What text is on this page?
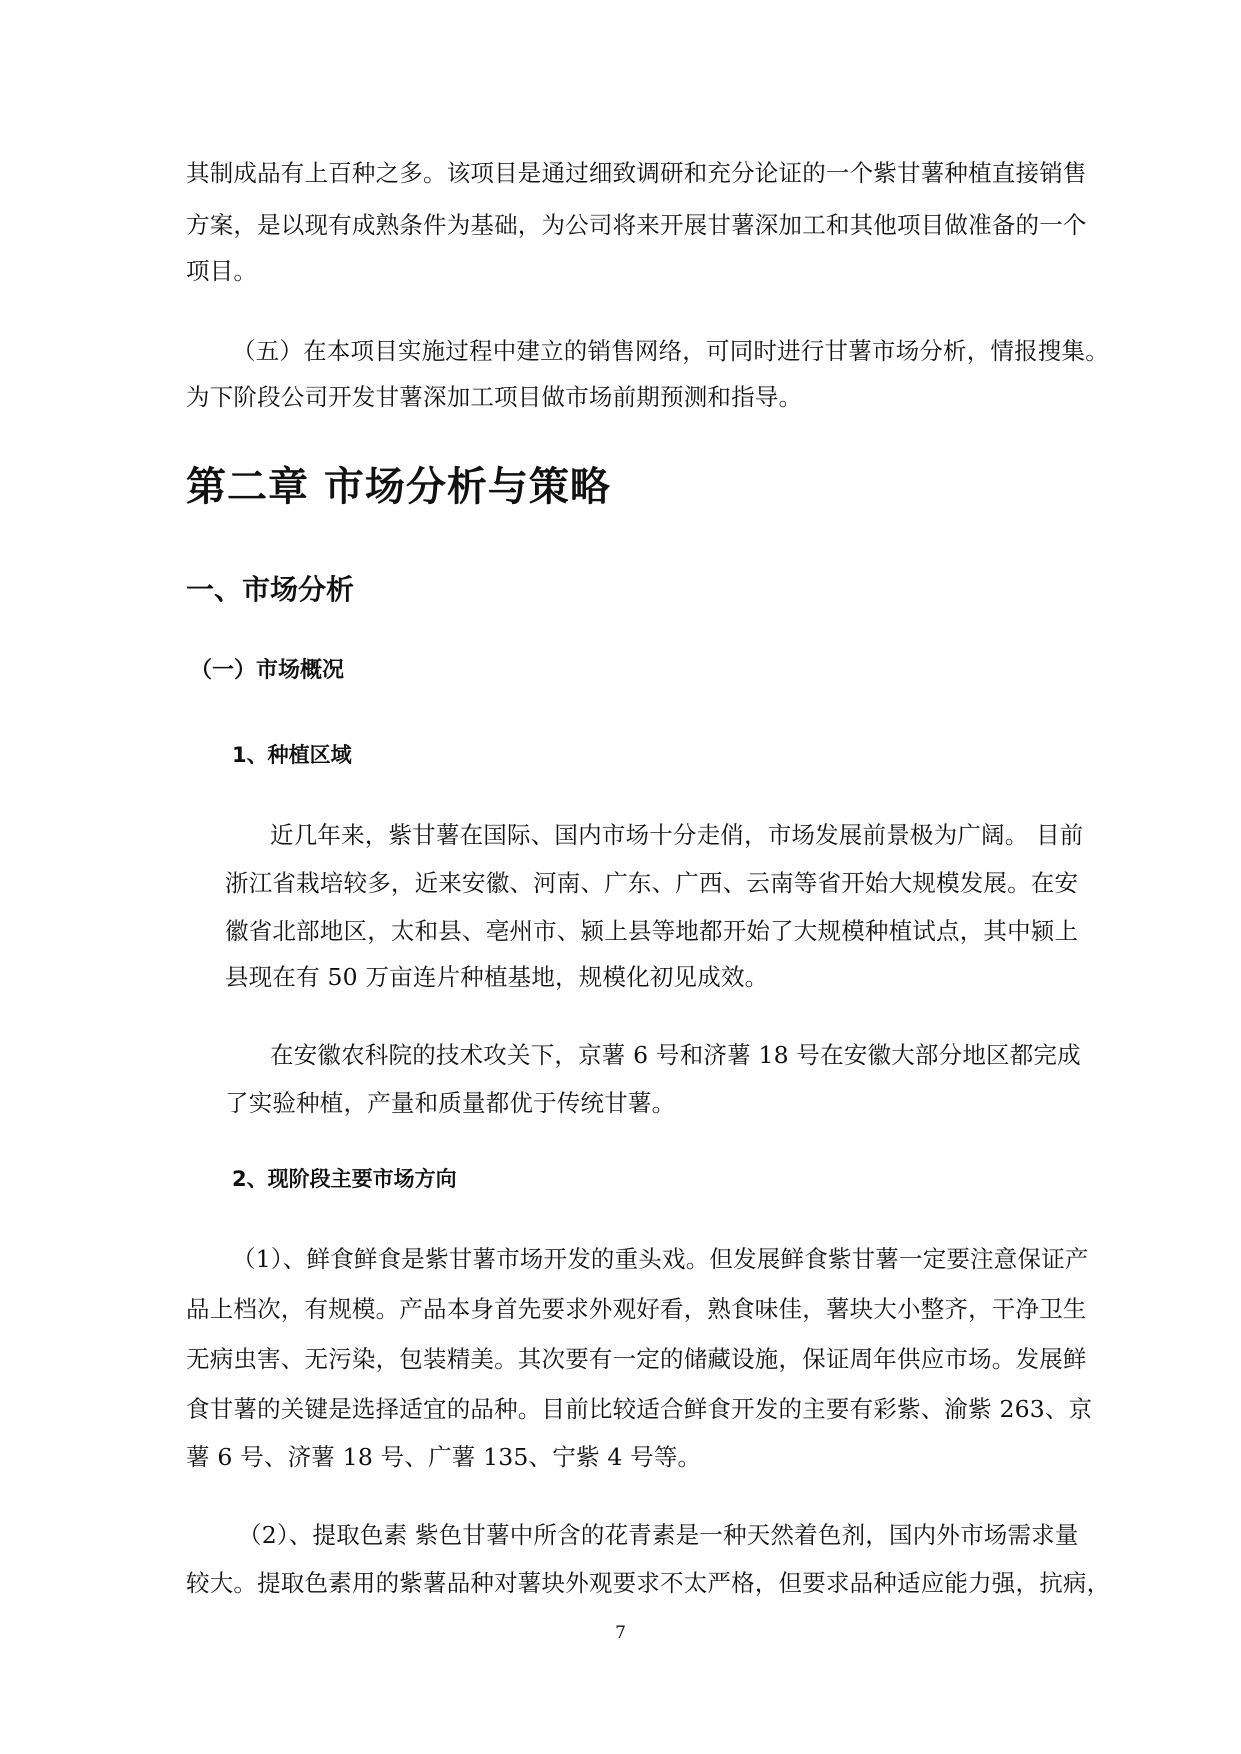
其制成品有上百种之多。该项目是通过细致调研和充分论证的一个紫甘薯种植直接销售
方案，是以现有成熟条件为基础，为公司将来开展甘薯深加工和其他项目做准备的一个
项目。
（五）在本项目实施过程中建立的销售网络，可同时进行甘薯市场分析，情报搜集。
为下阶段公司开发甘薯深加工项目做市场前期预测和指导。
第二章 市场分析与策略
一、市场分析
（一）市场概况
1、种植区域
近几年来，紫甘薯在国际、国内市场十分走俏，市场发展前景极为广阔。 目前
浙江省栽培较多，近来安徽、河南、广东、广西、云南等省开始大规模发展。在安
徽省北部地区，太和县、亳州市、颍上县等地都开始了大规模种植试点，其中颍上
县现在有 50 万亩连片种植基地，规模化初见成效。
在安徽农科院的技术攻关下，京薯 6 号和济薯 18 号在安徽大部分地区都完成
了实验种植，产量和质量都优于传统甘薯。
2、现阶段主要市场方向
（1）、鲜食鲜食是紫甘薯市场开发的重头戏。但发展鲜食紫甘薯一定要注意保证产
品上档次，有规模。产品本身首先要求外观好看，熟食味佳，薯块大小整齐，干净卫生
无病虫害、无污染，包装精美。其次要有一定的储藏设施，保证周年供应市场。发展鲜
食甘薯的关键是选择适宜的品种。目前比较适合鲜食开发的主要有彩紫、渝紫 263、京
薯 6 号、济薯 18 号、广薯 135、宁紫 4 号等。
（2）、提取色素 紫色甘薯中所含的花青素是一种天然着色剂，国内外市场需求量
较大。提取色素用的紫薯品种对薯块外观要求不太严格，但要求品种适应能力强，抗病，
7
